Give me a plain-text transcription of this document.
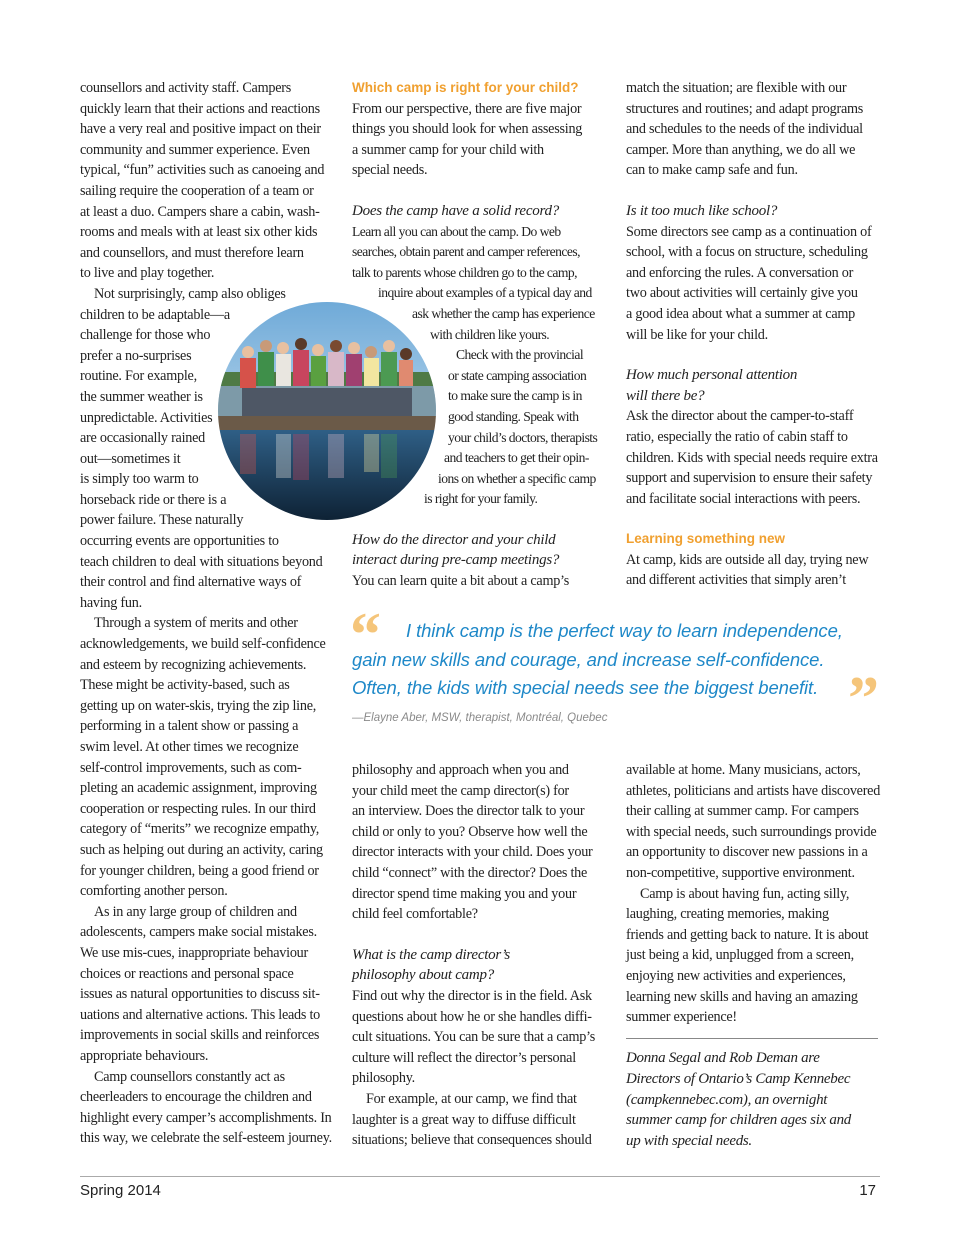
counsellors and activity staff. Campers
quickly learn that their actions and reactions
have a very real and positive impact on their
community and summer experience. Even
typical, “fun” activities such as canoeing and
sailing require the cooperation of a team or
at least a duo. Campers share a cabin, wash-
rooms and meals with at least six other kids
and counsellors, and must therefore learn
to live and play together.
Not surprisingly, camp also obliges
children to be adaptable—a
challenge for those who
prefer a no-surprises
routine. For example,
the summer weather is
unpredictable. Activities
are occasionally rained
out—sometimes it
is simply too warm to
horseback ride or there is a
power failure. These naturally
occurring events are opportunities to
teach children to deal with situations beyond
their control and find alternative ways of
having fun.
Through a system of merits and other
acknowledgements, we build self-confidence
and esteem by recognizing achievements.
These might be activity-based, such as
getting up on water-skis, trying the zip line,
performing in a talent show or passing a
swim level. At other times we recognize
self-control improvements, such as com-
pleting an academic assignment, improving
cooperation or respecting rules. In our third
category of “merits” we recognize empathy,
such as helping out during an activity, caring
for younger children, being a good friend or
comforting another person.
As in any large group of children and
adolescents, campers make social mistakes.
We use mis-cues, inappropriate behaviour
choices or reactions and personal space
issues as natural opportunities to discuss sit-
uations and alternative actions. This leads to
improvements in social skills and reinforces
appropriate behaviours.
Camp counsellors constantly act as
cheerleaders to encourage the children and
highlight every camper’s accomplishments. In
this way, we celebrate the self-esteem journey.
Which camp is right for your child?
From our perspective, there are five major
things you should look for when assessing
a summer camp for your child with
special needs.
Does the camp have a solid record?
Learn all you can about the camp. Do web
searches, obtain parent and camper references,
talk to parents whose children go to the camp,
inquire about examples of a typical day and
ask whether the camp has experience
with children like yours.
Check with the provincial
or state camping association
to make sure the camp is in
good standing. Speak with
your child’s doctors, therapists
and teachers to get their opin-
ions on whether a specific camp
is right for your family.
How do the director and your child
interact during pre-camp meetings?
You can learn quite a bit about a camp’s
match the situation; are flexible with our
structures and routines; and adapt programs
and schedules to the needs of the individual
camper. More than anything, we do all we
can to make camp safe and fun.
Is it too much like school?
Some directors see camp as a continuation of
school, with a focus on structure, scheduling
and enforcing the rules. A conversation or
two about activities will certainly give you
a good idea about what a summer at camp
will be like for your child.
How much personal attention
will there be?
Ask the director about the camper-to-staff
ratio, especially the ratio of cabin staff to
children. Kids with special needs require extra
support and supervision to ensure their safety
and facilitate social interactions with peers.
Learning something new
At camp, kids are outside all day, trying new
and different activities that simply aren’t
“	I think camp is the perfect way to learn independence,
gain new skills and courage, and increase self-confidence.
Often, the kids with special needs see the biggest benefit. ”
—Elayne Aber, MSW, therapist, Montréal, Quebec
philosophy and approach when you and
your child meet the camp director(s) for
an interview. Does the director talk to your
child or only to you? Observe how well the
director interacts with your child. Does your
child “connect” with the director? Does the
director spend time making you and your
child feel comfortable?
What is the camp director’s
philosophy about camp?
Find out why the director is in the field. Ask
questions about how he or she handles diffi-
cult situations. You can be sure that a camp’s
culture will reflect the director’s personal
philosophy.
For example, at our camp, we find that
laughter is a great way to diffuse difficult
situations; believe that consequences should
available at home. Many musicians, actors,
athletes, politicians and artists have discovered
their calling at summer camp. For campers
with special needs, such surroundings provide
an opportunity to discover new passions in a
non-competitive, supportive environment.
Camp is about having fun, acting silly,
laughing, creating memories, making
friends and getting back to nature. It is about
just being a kid, unplugged from a screen,
enjoying new activities and experiences,
learning new skills and having an amazing
summer experience!
Donna Segal and Rob Deman are
Directors of Ontario’s Camp Kennebec
(campkennebec.com), an overnight
summer camp for children ages six and
up with special needs.
Spring 2014	17
